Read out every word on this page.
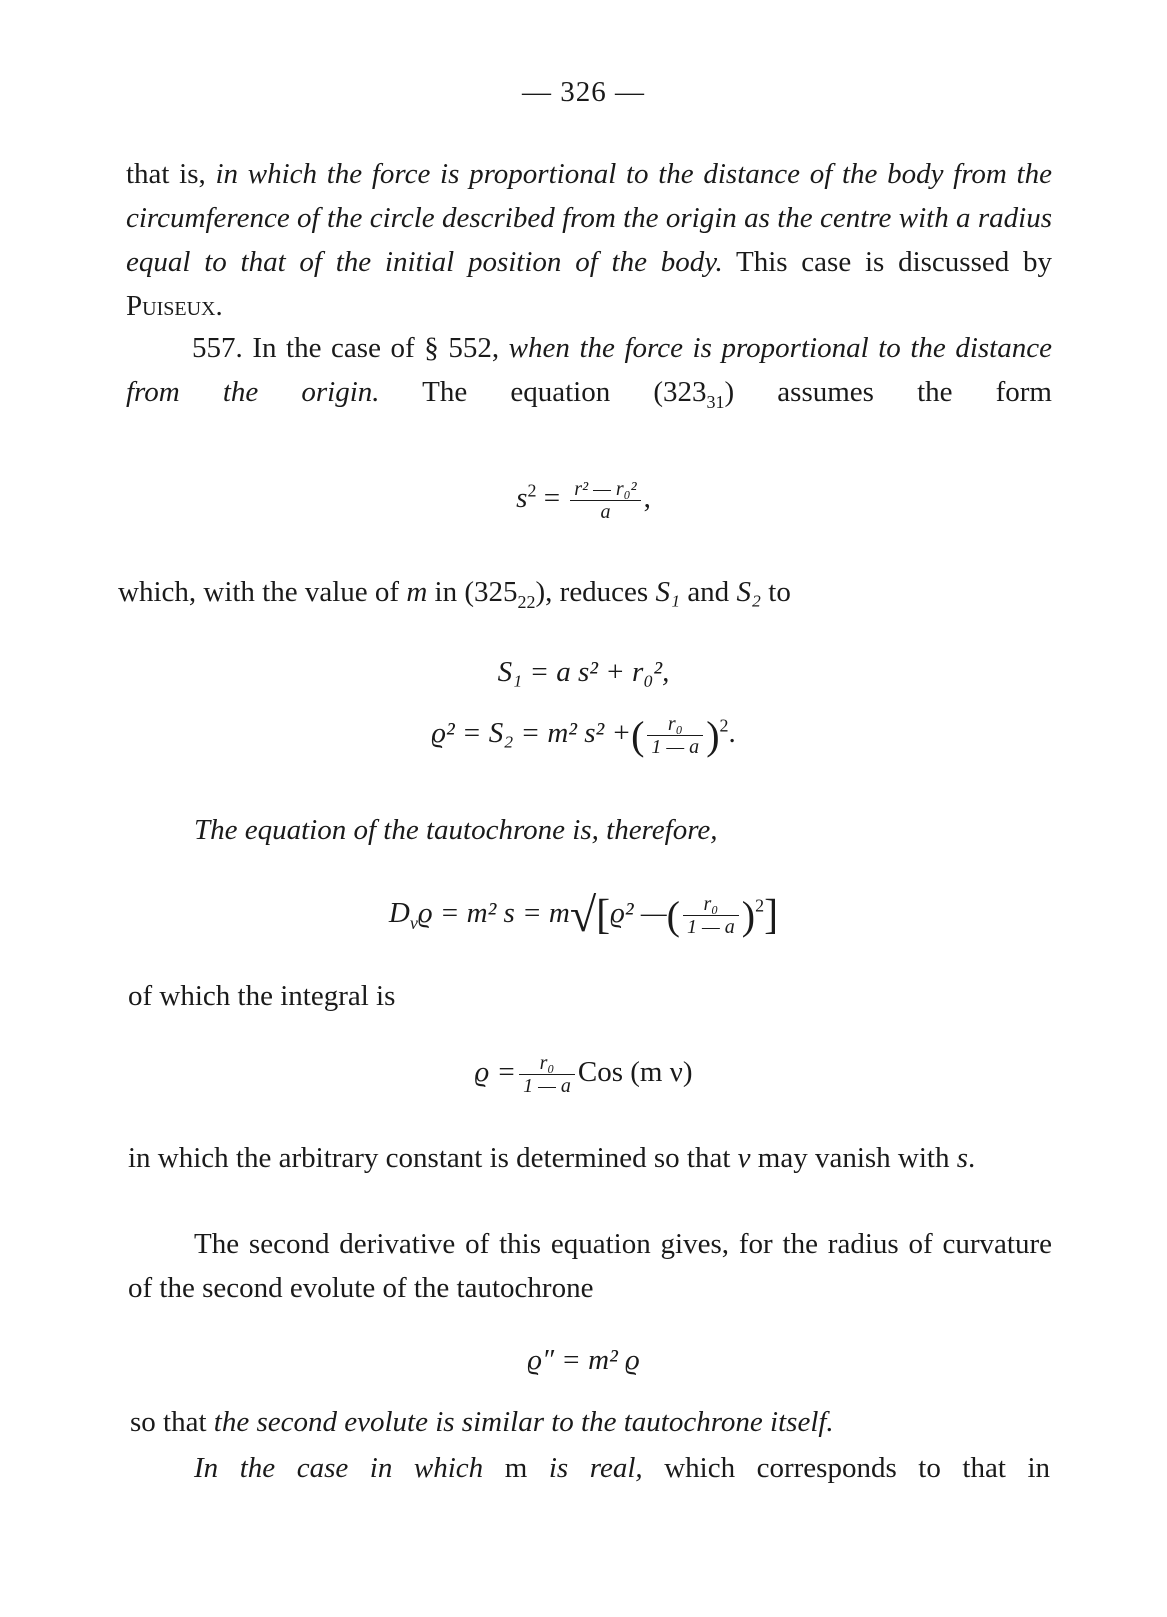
— 326 —

that is, in which the force is proportional to the distance of the body from the circumference of the circle described from the origin as the centre with a radius equal to that of the initial position of the body. This case is discussed by Puiseux.

557. In the case of § 552, when the force is proportional to the distance from the origin. The equation $(323_{31})$ assumes the form

$s^2 = \frac{\text{r² — r₀²}}{a}$ ,

which, with the value of m in $(325_{22})$, reduces S₁ and S₂ to

S₁ = a s² + r₀²,
ϱ² = S₂ = m² s² +( $\frac{\text{r₀}}{1 — a} )^2$.

The equation of the tautochrone is, therefore,

$D_\nu ϱ = m^2$ s = m√[ϱ² —( $\frac{\text{r₀}}{1 — a} )^2$]

of which the integral is

$ϱ = \frac{\text{r₀}}{1 — a}$ Cos (m ν)

in which the arbitrary constant is determined so that ν may vanish with s.

The second derivative of this equation gives, for the radius of curvature of the second evolute of the tautochrone

ϱ″ = m² ϱ

so that the second evolute is similar to the tautochrone itself.

In the case in which m is real, which corresponds to that in
